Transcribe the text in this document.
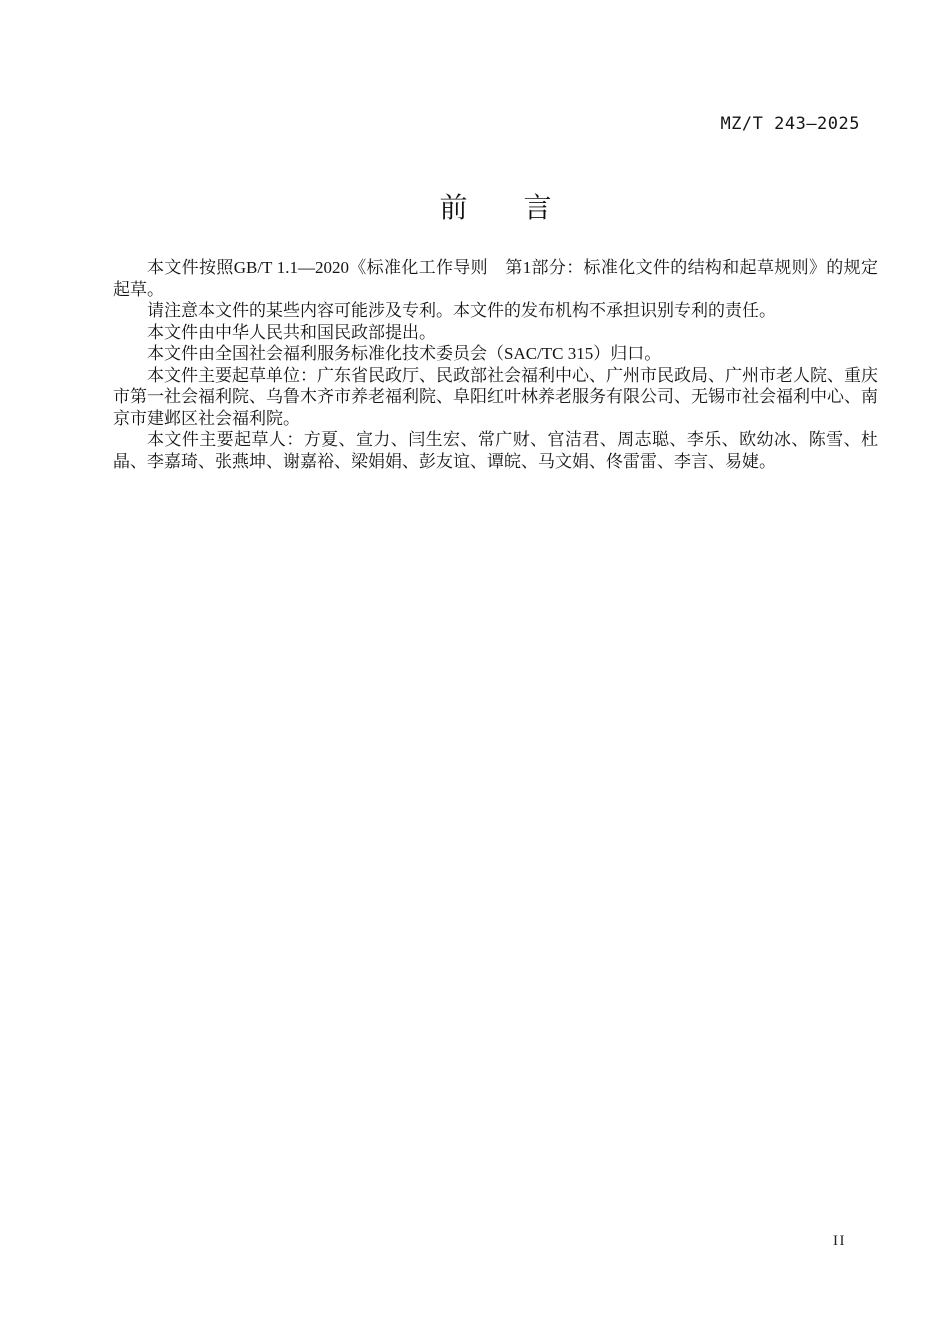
MZ/T 243—2025
前　　言

本文件按照GB/T 1.1—2020《标准化工作导则　第1部分：标准化文件的结构和起草规则》的规定起草。

请注意本文件的某些内容可能涉及专利。本文件的发布机构不承担识别专利的责任。

本文件由中华人民共和国民政部提出。

本文件由全国社会福利服务标准化技术委员会（SAC/TC 315）归口。

本文件主要起草单位：广东省民政厅、民政部社会福利中心、广州市民政局、广州市老人院、重庆市第一社会福利院、乌鲁木齐市养老福利院、阜阳红叶林养老服务有限公司、无锡市社会福利中心、南京市建邺区社会福利院。

本文件主要起草人：方夏、宣力、闫生宏、常广财、官洁君、周志聪、李乐、欧幼冰、陈雪、杜晶、李嘉琦、张燕坤、谢嘉裕、梁娟娟、彭友谊、谭皖、马文娟、佟雷雷、李言、易婕。

II
